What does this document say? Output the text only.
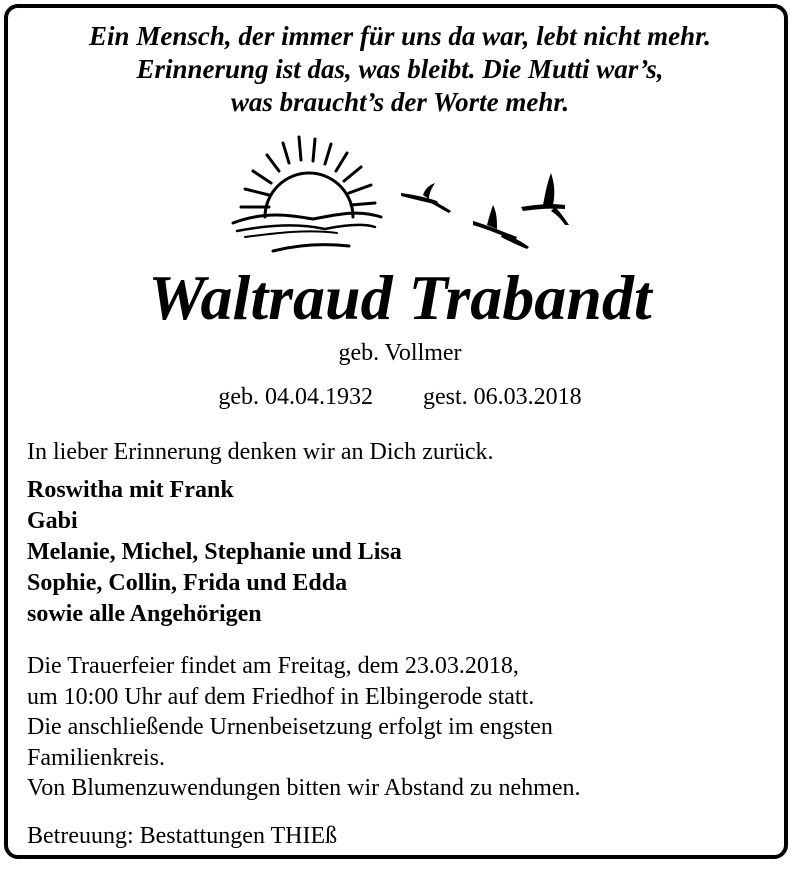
Ein Mensch, der immer für uns da war, lebt nicht mehr.
Erinnerung ist das, was bleibt. Die Mutti war’s,
was braucht’s der Worte mehr.
Waltraud Trabandt
geb. Vollmer
geb. 04.04.1932 gest. 06.03.2018
In lieber Erinnerung denken wir an Dich zurück.
Roswitha mit Frank
Gabi
Melanie, Michel, Stephanie und Lisa
Sophie, Collin, Frida und Edda
sowie alle Angehörigen
Die Trauerfeier findet am Freitag, dem 23.03.2018,
um 10:00 Uhr auf dem Friedhof in Elbingerode statt.
Die anschließende Urnenbeisetzung erfolgt im engsten
Familienkreis.
Von Blumenzuwendungen bitten wir Abstand zu nehmen.
Betreuung: Bestattungen THIEß
